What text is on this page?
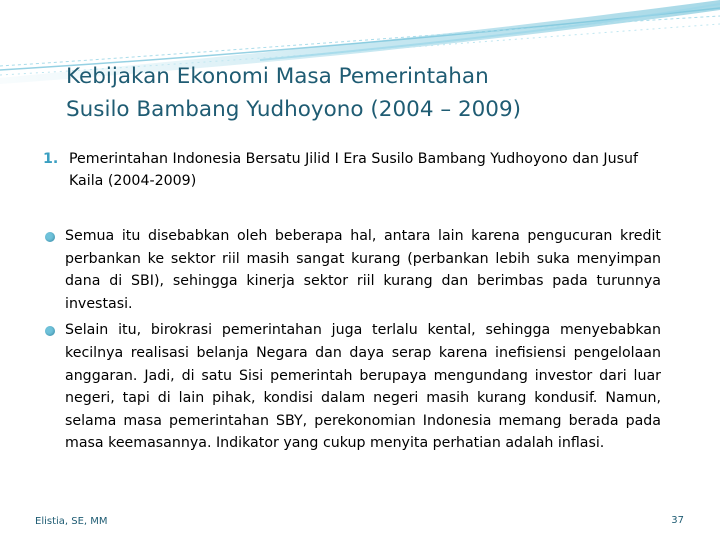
Kebijakan Ekonomi Masa Pemerintahan
Susilo Bambang Yudhoyono (2004 – 2009)
1. Pemerintahan Indonesia Bersatu Jilid I Era Susilo Bambang Yudhoyono dan Jusuf Kaila (2004-2009)
Semua itu disebabkan oleh beberapa hal, antara lain karena pengucuran kredit perbankan ke sektor riil masih sangat kurang (perbankan lebih suka menyimpan dana di SBI), sehingga kinerja sektor riil kurang dan berimbas pada turunnya investasi.
Selain itu, birokrasi pemerintahan juga terlalu kental, sehingga menyebabkan kecilnya realisasi belanja Negara dan daya serap karena inefisiensi pengelolaan anggaran. Jadi, di satu Sisi pemerintah berupaya mengundang investor dari luar negeri, tapi di lain pihak, kondisi dalam negeri masih kurang kondusif. Namun, selama masa pemerintahan SBY, perekonomian Indonesia memang berada pada masa keemasannya. Indikator yang cukup menyita perhatian adalah inflasi.
Elistia, SE, MM	37
